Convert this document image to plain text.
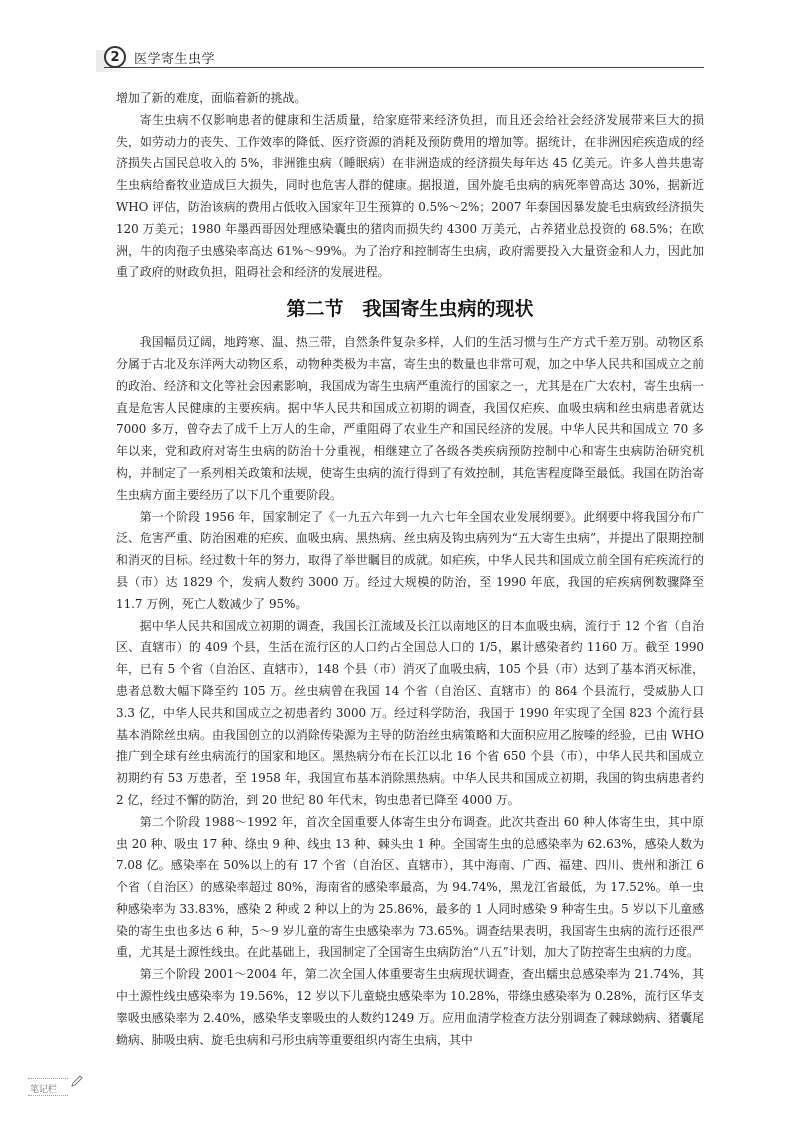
2	医学寄生虫学

增加了新的难度，面临着新的挑战。

寄生虫病不仅影响患者的健康和生活质量，给家庭带来经济负担，而且还会给社会经济发展带来巨大的损失，如劳动力的丧失、工作效率的降低、医疗资源的消耗及预防费用的增加等。据统计，在非洲因疟疾造成的经济损失占国民总收入的 5%，非洲锥虫病（睡眠病）在非洲造成的经济损失每年达 45 亿美元。许多人兽共患寄生虫病给畜牧业造成巨大损失，同时也危害人群的健康。据报道，国外旋毛虫病的病死率曾高达 30%，据新近 WHO 评估，防治该病的费用占低收入国家年卫生预算的 0.5%～2%；2007 年泰国因暴发旋毛虫病致经济损失 120 万美元；1980 年墨西哥因处理感染囊虫的猪肉而损失约 4300 万美元，占养猪业总投资的 68.5%；在欧洲，牛的肉孢子虫感染率高达 61%～99%。为了治疗和控制寄生虫病，政府需要投入大量资金和人力，因此加重了政府的财政负担，阻碍社会和经济的发展进程。

第二节　我国寄生虫病的现状

我国幅员辽阔，地跨寒、温、热三带，自然条件复杂多样，人们的生活习惯与生产方式千差万别。动物区系分属于古北及东洋两大动物区系，动物种类极为丰富，寄生虫的数量也非常可观，加之中华人民共和国成立之前的政治、经济和文化等社会因素影响，我国成为寄生虫病严重流行的国家之一，尤其是在广大农村，寄生虫病一直是危害人民健康的主要疾病。据中华人民共和国成立初期的调查，我国仅疟疾、血吸虫病和丝虫病患者就达 7000 多万，曾夺去了成千上万人的生命，严重阻碍了农业生产和国民经济的发展。中华人民共和国成立 70 多年以来，党和政府对寄生虫病的防治十分重视，相继建立了各级各类疾病预防控制中心和寄生虫病防治研究机构，并制定了一系列相关政策和法规，使寄生虫病的流行得到了有效控制，其危害程度降至最低。我国在防治寄生虫病方面主要经历了以下几个重要阶段。

第一个阶段 1956 年，国家制定了《一九五六年到一九六七年全国农业发展纲要》。此纲要中将我国分布广泛、危害严重、防治困难的疟疾、血吸虫病、黑热病、丝虫病及钩虫病列为“五大寄生虫病”，并提出了限期控制和消灭的目标。经过数十年的努力，取得了举世瞩目的成就。如疟疾，中华人民共和国成立前全国有疟疾流行的县（市）达 1829 个，发病人数约 3000 万。经过大规模的防治，至 1990 年底，我国的疟疾病例数骤降至 11.7 万例，死亡人数减少了 95%。

据中华人民共和国成立初期的调查，我国长江流域及长江以南地区的日本血吸虫病，流行于 12 个省（自治区、直辖市）的 409 个县，生活在流行区的人口约占全国总人口的 1/5，累计感染者约 1160 万。截至 1990 年，已有 5 个省（自治区、直辖市），148 个县（市）消灭了血吸虫病，105 个县（市）达到了基本消灭标准，患者总数大幅下降至约 105 万。丝虫病曾在我国 14 个省（自治区、直辖市）的 864 个县流行，受威胁人口 3.3 亿，中华人民共和国成立之初患者约 3000 万。经过科学防治，我国于 1990 年实现了全国 823 个流行县基本消除丝虫病。由我国创立的以消除传染源为主导的防治丝虫病策略和大面积应用乙胺嗪的经验，已由 WHO 推广到全球有丝虫病流行的国家和地区。黑热病分布在长江以北 16 个省 650 个县（市），中华人民共和国成立初期约有 53 万患者，至 1958 年，我国宣布基本消除黑热病。中华人民共和国成立初期，我国的钩虫病患者约 2 亿，经过不懈的防治，到 20 世纪 80 年代末，钩虫患者已降至 4000 万。

第二个阶段 1988～1992 年，首次全国重要人体寄生虫分布调查。此次共查出 60 种人体寄生虫，其中原虫 20 种、吸虫 17 种、绦虫 9 种、线虫 13 种、棘头虫 1 种。全国寄生虫的总感染率为 62.63%，感染人数为 7.08 亿。感染率在 50%以上的有 17 个省（自治区、直辖市），其中海南、广西、福建、四川、贵州和浙江 6 个省（自治区）的感染率超过 80%，海南省的感染率最高，为 94.74%，黑龙江省最低，为 17.52%。单一虫种感染率为 33.83%，感染 2 种或 2 种以上的为 25.86%，最多的 1 人同时感染 9 种寄生虫。5 岁以下儿童感染的寄生虫也多达 6 种，5～9 岁儿童的寄生虫感染率为 73.65%。调查结果表明，我国寄生虫病的流行还很严重，尤其是土源性线虫。在此基础上，我国制定了全国寄生虫病防治“八五”计划，加大了防控寄生虫病的力度。

第三个阶段 2001～2004 年，第二次全国人体重要寄生虫病现状调查，查出蠕虫总感染率为 21.74%，其中土源性线虫感染率为 19.56%，12 岁以下儿童蛲虫感染率为 10.28%，带绦虫感染率为 0.28%，流行区华支睾吸虫感染率为 2.40%，感染华支睾吸虫的人数约1249 万。应用血清学检查方法分别调查了棘球蚴病、猪囊尾蚴病、肺吸虫病、旋毛虫病和弓形虫病等重要组织内寄生虫病，其中

笔记栏
